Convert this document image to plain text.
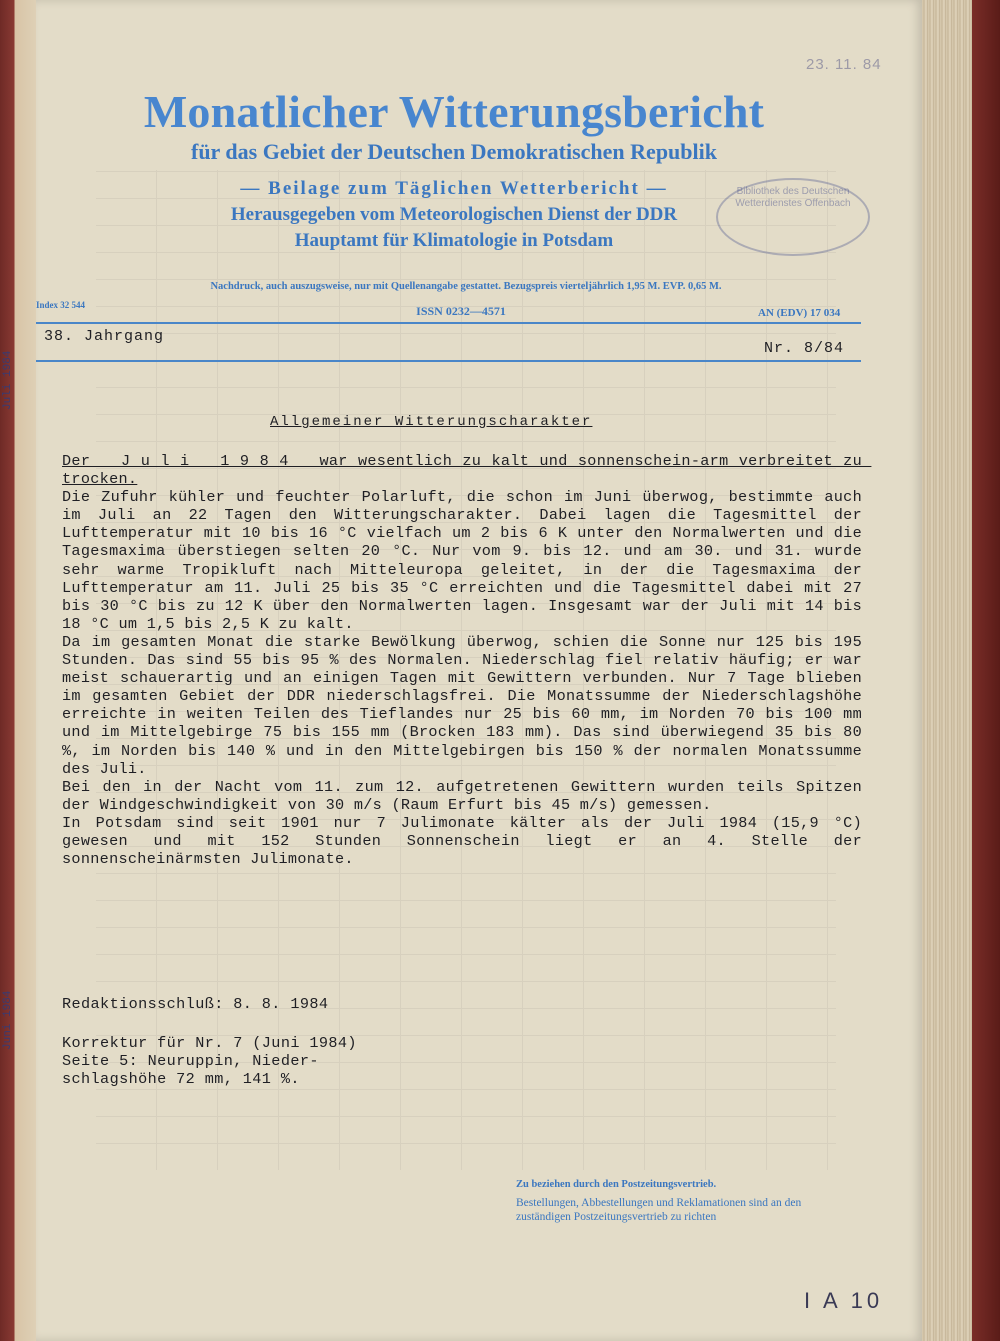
Juli 1984
Juni 1984
23. 11. 84
Monatlicher Witterungsbericht
für das Gebiet der Deutschen Demokratischen Republik
— Beilage zum Täglichen Wetterbericht —
Herausgegeben vom Meteorologischen Dienst der DDR
Hauptamt für Klimatologie in Potsdam
Bibliothek des Deutschen Wetterdienstes Offenbach
Nachdruck, auch auszugsweise, nur mit Quellenangabe gestattet. Bezugspreis vierteljährlich 1,95 M. EVP. 0,65 M.
Index 32 544	ISSN 0232—4571	AN (EDV) 17 034
38. Jahrgang
Nr. 8/84
Allgemeiner Witterungscharakter
Der   J u l i   1 9 8 4   war wesentlich zu kalt und sonnenschein-arm verbreitet zu trocken.
Die Zufuhr kühler und feuchter Polarluft, die schon im Juni überwog, bestimmte auch im Juli an 22 Tagen den Witterungscharakter. Dabei lagen die Tagesmittel der Lufttemperatur mit 10 bis 16 °C vielfach um 2 bis 6 K unter den Normalwerten und die Tagesmaxima überstiegen selten 20 °C. Nur vom 9. bis 12. und am 30. und 31. wurde sehr warme Tropikluft nach Mitteleuropa geleitet, in der die Tagesmaxima der Lufttemperatur am 11. Juli 25 bis 35 °C erreichten und die Tagesmittel dabei mit 27 bis 30 °C bis zu 12 K über den Normalwerten lagen. Insgesamt war der Juli mit 14 bis 18 °C um 1,5 bis 2,5 K zu kalt.
Da im gesamten Monat die starke Bewölkung überwog, schien die Sonne nur 125 bis 195 Stunden. Das sind 55 bis 95 % des Normalen. Niederschlag fiel relativ häufig; er war meist schauerartig und an einigen Tagen mit Gewittern verbunden. Nur 7 Tage blieben im gesamten Gebiet der DDR niederschlagsfrei. Die Monatssumme der Niederschlagshöhe erreichte in weiten Teilen des Tieflandes nur 25 bis 60 mm, im Norden 70 bis 100 mm und im Mittelgebirge 75 bis 155 mm (Brocken 183 mm). Das sind überwiegend 35 bis 80 %, im Norden bis 140 % und in den Mittelgebirgen bis 150 % der normalen Monatssumme des Juli.
Bei den in der Nacht vom 11. zum 12. aufgetretenen Gewittern wurden teils Spitzen der Windgeschwindigkeit von 30 m/s (Raum Erfurt bis 45 m/s) gemessen.
In Potsdam sind seit 1901 nur 7 Julimonate kälter als der Juli 1984 (15,9 °C) gewesen und mit 152 Stunden Sonnenschein liegt er an 4. Stelle der sonnenscheinärmsten Julimonate.
Redaktionsschluß: 8. 8. 1984
Korrektur für Nr. 7 (Juni 1984)
Seite 5: Neuruppin, Nieder-
schlagshöhe 72 mm, 141 %.
Zu beziehen durch den Postzeitungsvertrieb.
Bestellungen, Abbestellungen und Reklamationen sind an den zuständigen Postzeitungsvertrieb zu richten
I A 10
